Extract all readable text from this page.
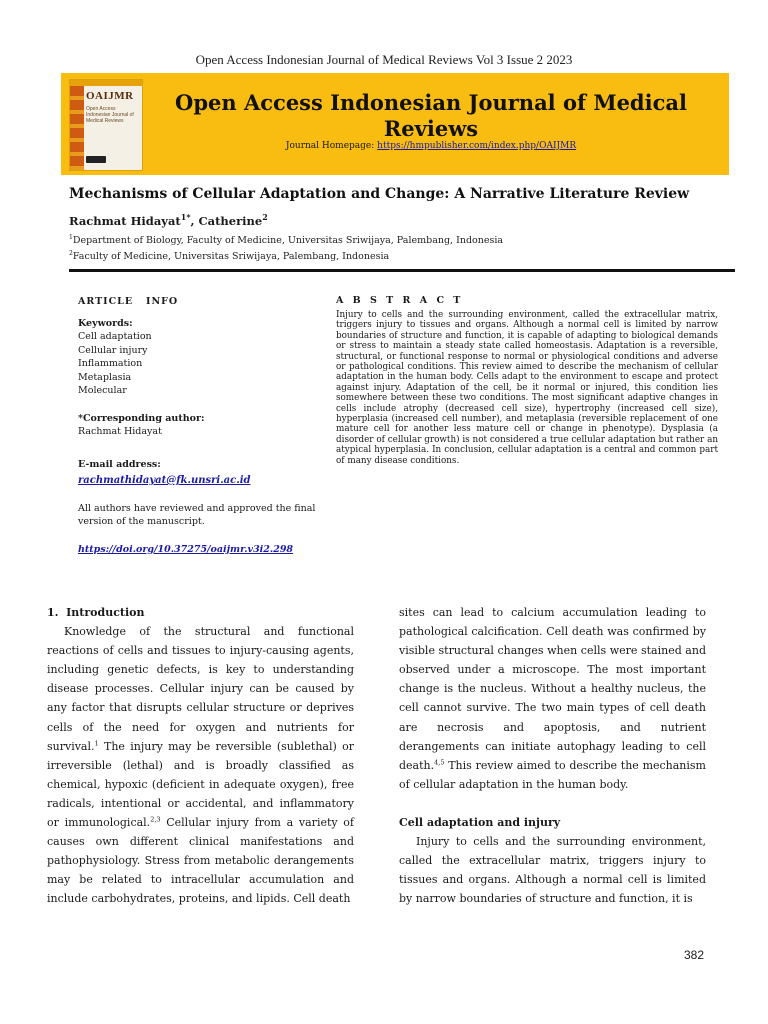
Open Access Indonesian Journal of Medical Reviews Vol 3 Issue 2 2023
OAIJMR
Open Access Indonesian Journal of Medical Reviews
Open Access Indonesian Journal of Medical Reviews
Journal Homepage: https://hmpublisher.com/index.php/OAIJMR
Mechanisms of Cellular Adaptation and Change: A Narrative Literature Review
Rachmat Hidayat$^{1*}$, Catherine$^2$
$^1$Department of Biology, Faculty of Medicine, Universitas Sriwijaya, Palembang, Indonesia
$^2$Faculty of Medicine, Universitas Sriwijaya, Palembang, Indonesia
ARTICLE   INFO
Keywords:
Cell adaptation
Cellular injury
Inflammation
Metaplasia
Molecular
*Corresponding author:
Rachmat Hidayat
E-mail address:
rachmathidayat@fk.unsri.ac.id
All authors have reviewed and approved the final version of the manuscript.
https://doi.org/10.37275/oaijmr.v3i2.298
A B S T R A C T
Injury to cells and the surrounding environment, called the extracellular matrix, triggers injury to tissues and organs. Although a normal cell is limited by narrow boundaries of structure and function, it is capable of adapting to biological demands or stress to maintain a steady state called homeostasis. Adaptation is a reversible, structural, or functional response to normal or physiological conditions and adverse or pathological conditions. This review aimed to describe the mechanism of cellular adaptation in the human body. Cells adapt to the environment to escape and protect against injury. Adaptation of the cell, be it normal or injured, this condition lies somewhere between these two conditions. The most significant adaptive changes in cells include atrophy (decreased cell size), hypertrophy (increased cell size), hyperplasia (increased cell number), and metaplasia (reversible replacement of one mature cell for another less mature cell or change in phenotype). Dysplasia (a disorder of cellular growth) is not considered a true cellular adaptation but rather an atypical hyperplasia. In conclusion, cellular adaptation is a central and common part of many disease conditions.
1.  Introduction

Knowledge of the structural and functional reactions of cells and tissues to injury-causing agents, including genetic defects, is key to understanding disease processes. Cellular injury can be caused by any factor that disrupts cellular structure or deprives cells of the need for oxygen and nutrients for survival.$^1$ The injury may be reversible (sublethal) or irreversible (lethal) and is broadly classified as chemical, hypoxic (deficient in adequate oxygen), free radicals, intentional or accidental, and inflammatory or immunological.$^{2,3}$ Cellular injury from a variety of causes own different clinical manifestations and pathophysiology. Stress from metabolic derangements may be related to intracellular accumulation and include carbohydrates, proteins, and lipids. Cell death

sites can lead to calcium accumulation leading to pathological calcification. Cell death was confirmed by visible structural changes when cells were stained and observed under a microscope. The most important change is the nucleus. Without a healthy nucleus, the cell cannot survive. The two main types of cell death are necrosis and apoptosis, and nutrient derangements can initiate autophagy leading to cell death.$^{4,5}$ This review aimed to describe the mechanism of cellular adaptation in the human body.

Cell adaptation and injury

Injury to cells and the surrounding environment, called the extracellular matrix, triggers injury to tissues and organs. Although a normal cell is limited by narrow boundaries of structure and function, it is

382
